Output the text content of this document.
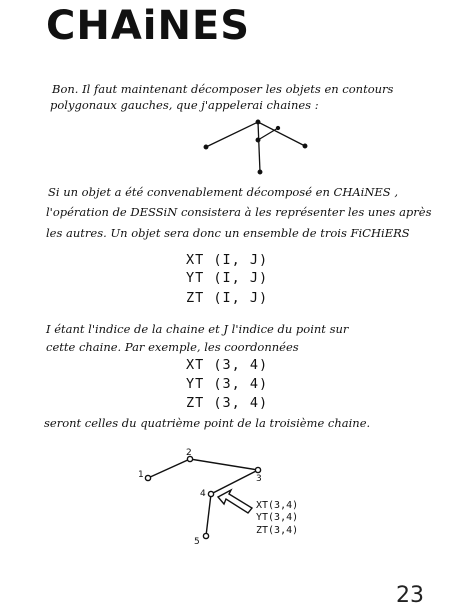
CHAiNES
Bon. Il faut maintenant décomposer les objets en contours
polygonaux gauches, que j'appelerai chaines :
Si un objet a été convenablement décomposé en CHAiNES ,
l'opération de DESSiN consistera à les représenter les unes après
les autres. Un objet sera donc un ensemble de trois FiCHiERS
XT (I, J)
YT (I, J)
ZT (I, J)
I étant l'indice de la chaine et J l'indice du point sur
cette chaine. Par exemple, les coordonnées
XT (3, 4)
YT (3, 4)
ZT (3, 4)
seront celles du quatrième point de la troisième chaine.
1
2
3
4
5
XT(3,4)
YT(3,4)
ZT(3,4)
23
